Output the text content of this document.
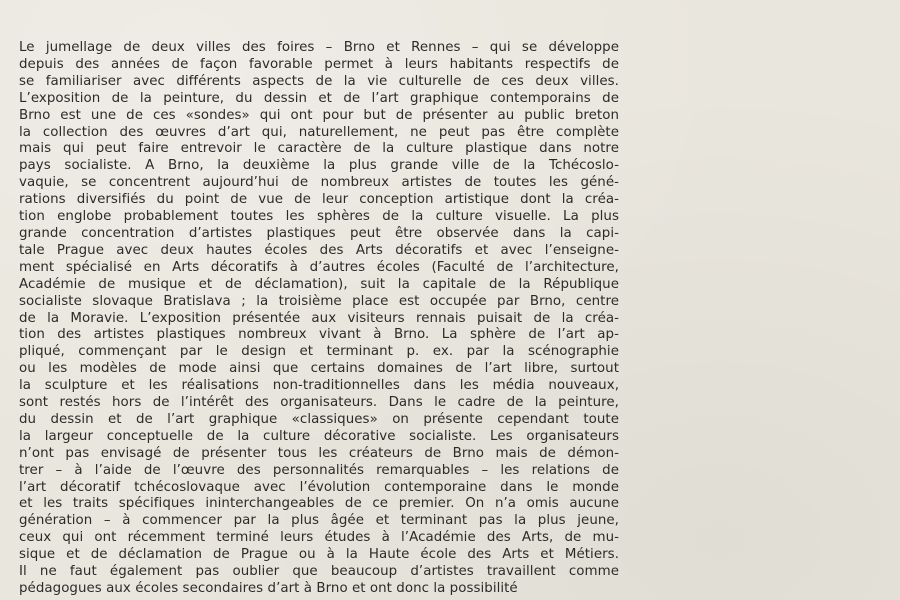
Le jumellage de deux villes des foires – Brno et Rennes – qui se développe
depuis des années de façon favorable permet à leurs habitants respectifs de
se familiariser avec différents aspects de la vie culturelle de ces deux villes.
L’exposition de la peinture, du dessin et de l’art graphique contemporains de
Brno est une de ces «sondes» qui ont pour but de présenter au public breton
la collection des œuvres d’art qui, naturellement, ne peut pas être complète
mais qui peut faire entrevoir le caractère de la culture plastique dans notre
pays socialiste. A Brno, la deuxième la plus grande ville de la Tchécoslo-
vaquie, se concentrent aujourd’hui de nombreux artistes de toutes les géné-
rations diversifiés du point de vue de leur conception artistique dont la créa-
tion englobe probablement toutes les sphères de la culture visuelle. La plus
grande concentration d’artistes plastiques peut être observée dans la capi-
tale Prague avec deux hautes écoles des Arts décoratifs et avec l’enseigne-
ment spécialisé en Arts décoratifs à d’autres écoles (Faculté de l’architecture,
Académie de musique et de déclamation), suit la capitale de la République
socialiste slovaque Bratislava ; la troisième place est occupée par Brno, centre
de la Moravie. L’exposition présentée aux visiteurs rennais puisait de la créa-
tion des artistes plastiques nombreux vivant à Brno. La sphère de l’art ap-
pliqué, commençant par le design et terminant p. ex. par la scénographie
ou les modèles de mode ainsi que certains domaines de l’art libre, surtout
la sculpture et les réalisations non-traditionnelles dans les média nouveaux,
sont restés hors de l’intérêt des organisateurs. Dans le cadre de la peinture,
du dessin et de l’art graphique «classiques» on présente cependant toute
la largeur conceptuelle de la culture décorative socialiste. Les organisateurs
n’ont pas envisagé de présenter tous les créateurs de Brno mais de démon-
trer – à l’aide de l’œuvre des personnalités remarquables – les relations de
l’art décoratif tchécoslovaque avec l’évolution contemporaine dans le monde
et les traits spécifiques ininterchangeables de ce premier. On n’a omis aucune
génération – à commencer par la plus âgée et terminant pas la plus jeune,
ceux qui ont récemment terminé leurs études à l’Académie des Arts, de mu-
sique et de déclamation de Prague ou à la Haute école des Arts et Métiers.
Il ne faut également pas oublier que beaucoup d’artistes travaillent comme
pédagogues aux écoles secondaires d’art à Brno et ont donc la possibilité
